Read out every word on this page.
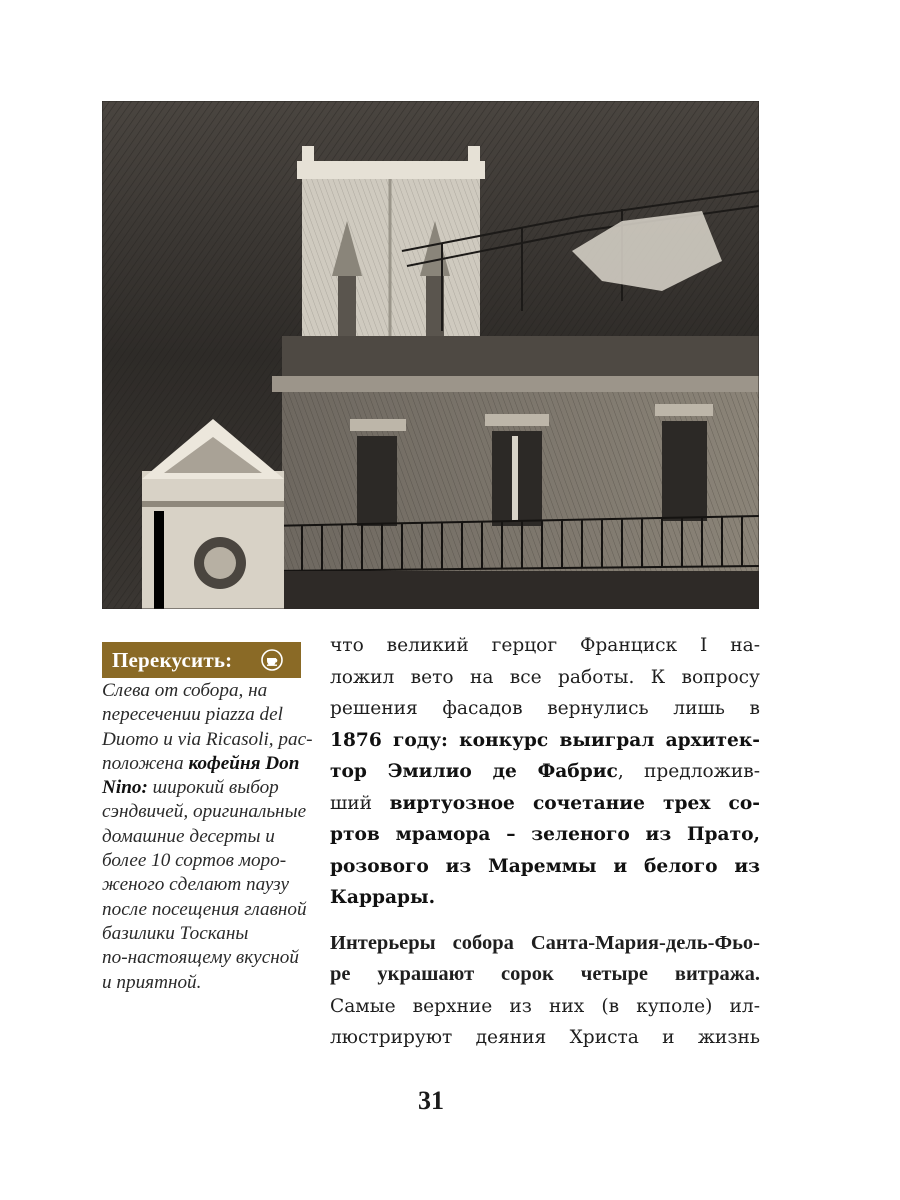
Перекусить:
Слева от собора, на
пересечении piazza del
Duomo и via Ricasoli, рас-
положена кофейня Don
Nino: широкий выбор
сэндвичей, оригинальные
домашние десерты и
более 10 сортов моро-
женого сделают паузу
после посещения главной
базилики Тосканы
по-настоящему вкусной
и приятной.
что великий герцог Франциск I на-
ложил вето на все работы. К вопросу
решения фасадов вернулись лишь в
1876 году: конкурс выиграл архитек-
тор Эмилио де Фабрис, предложив-
ший виртуозное сочетание трех со-
ртов мрамора – зеленого из Прато,
розового из Мареммы и белого из
Каррары.
Интерьеры собора Санта-Мария-дель-Фьо-
ре украшают сорок четыре витража.
Самые верхние из них (в куполе) ил-
люстрируют деяния Христа и жизнь
31
